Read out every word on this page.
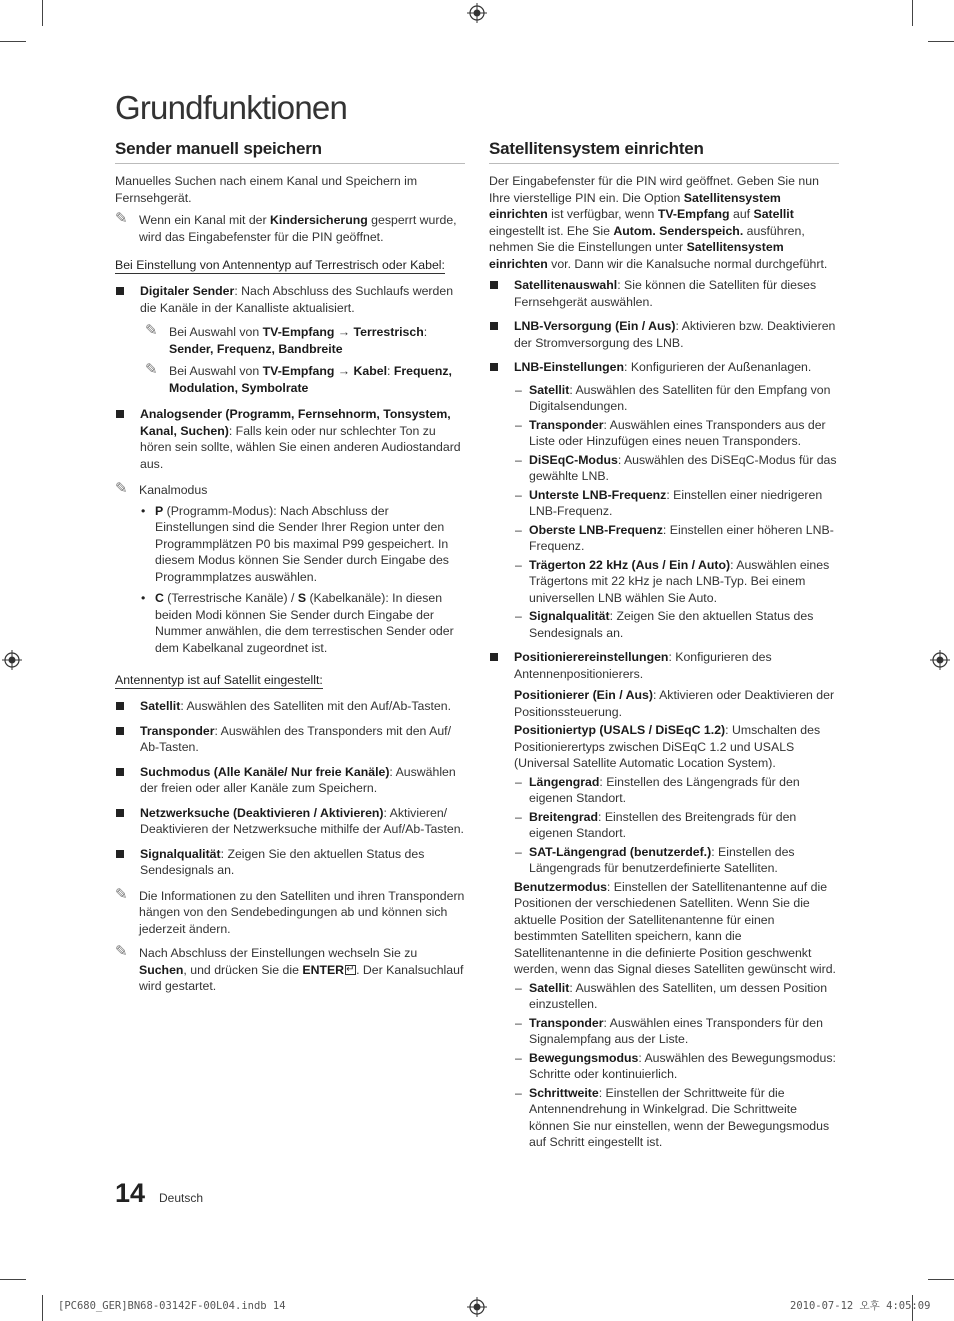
Grundfunktionen
Sender manuell speichern

Manuelles Suchen nach einem Kanal und Speichern im Fernsehgerät.

✎ Wenn ein Kanal mit der Kindersicherung gesperrt wurde, wird das Eingabefenster für die PIN geöffnet.
Bei Einstellung von Antennentyp auf Terrestrisch oder Kabel:
Digitaler Sender: Nach Abschluss des Suchlaufs werden die Kanäle in der Kanalliste aktualisiert.
✎ Bei Auswahl von TV-Empfang → Terrestrisch: Sender, Frequenz, Bandbreite
✎ Bei Auswahl von TV-Empfang → Kabel: Frequenz, Modulation, Symbolrate
Analogsender (Programm, Fernsehnorm, Tonsystem, Kanal, Suchen): Falls kein oder nur schlechter Ton zu hören sein sollte, wählen Sie einen anderen Audiostandard aus.
✎ Kanalmodus
• P (Programm-Modus): Nach Abschluss der Einstellungen sind die Sender Ihrer Region unter den Programmplätzen P0 bis maximal P99 gespeichert. In diesem Modus können Sie Sender durch Eingabe des Programmplatzes auswählen.
• C (Terrestrische Kanäle) / S (Kabelkanäle): In diesen beiden Modi können Sie Sender durch Eingabe der Nummer anwählen, die dem terrestischen Sender oder dem Kabelkanal zugeordnet ist.
Antennentyp ist auf Satellit eingestellt:
Satellit: Auswählen des Satelliten mit den Auf/Ab-Tasten.
Transponder: Auswählen des Transponders mit den Auf/ Ab-Tasten.
Suchmodus (Alle Kanäle/ Nur freie Kanäle): Auswählen der freien oder aller Kanäle zum Speichern.
Netzwerksuche (Deaktivieren / Aktivieren): Aktivieren/ Deaktivieren der Netzwerksuche mithilfe der Auf/Ab-Tasten.
Signalqualität: Zeigen Sie den aktuellen Status des Sendesignals an.
✎ Die Informationen zu den Satelliten und ihren Transpondern hängen von den Sendebedingungen ab und können sich jederzeit ändern.
✎ Nach Abschluss der Einstellungen wechseln Sie zu Suchen, und drücken Sie die ENTER↵ . Der Kanalsuchlauf wird gestartet.
Satellitensystem einrichten

Der Eingabefenster für die PIN wird geöffnet. Geben Sie nun Ihre vierstellige PIN ein. Die Option Satellitensystem einrichten ist verfügbar, wenn TV-Empfang auf Satellit eingestellt ist. Ehe Sie Autom. Senderspeich. ausführen, nehmen Sie die Einstellungen unter Satellitensystem einrichten vor. Dann wir die Kanalsuche normal durchgeführt.

Satellitenauswahl: Sie können die Satelliten für dieses Fernsehgerät auswählen.
LNB-Versorgung (Ein / Aus): Aktivieren bzw. Deaktivieren der Stromversorgung des LNB.
LNB-Einstellungen: Konfigurieren der Außenanlagen.
– Satellit: Auswählen des Satelliten für den Empfang von Digitalsendungen.
– Transponder: Auswählen eines Transponders aus der Liste oder Hinzufügen eines neuen Transponders.
– DiSEqC-Modus: Auswählen des DiSEqC-Modus für das gewählte LNB.
– Unterste LNB-Frequenz: Einstellen einer niedrigeren LNB-Frequenz.
– Oberste LNB-Frequenz: Einstellen einer höheren LNB-Frequenz.
– Trägerton 22 kHz (Aus / Ein / Auto): Auswählen eines Trägertons mit 22 kHz je nach LNB-Typ. Bei einem universellen LNB wählen Sie Auto.
– Signalqualität: Zeigen Sie den aktuellen Status des Sendesignals an.
Positionierereinstellungen: Konfigurieren des Antennenpositionierers.
Positionierer (Ein / Aus): Aktivieren oder Deaktivieren der Positionssteuerung.
Positioniertyp (USALS / DiSEqC 1.2): Umschalten des Positionierertyps zwischen DiSEqC 1.2 und USALS (Universal Satellite Automatic Location System).
– Längengrad: Einstellen des Längengrads für den eigenen Standort.
– Breitengrad: Einstellen des Breitengrads für den eigenen Standort.
– SAT-Längengrad (benutzerdef.): Einstellen des Längengrads für benutzerdefinierte Satelliten.
Benutzermodus: Einstellen der Satellitenantenne auf die Positionen der verschiedenen Satelliten. Wenn Sie die aktuelle Position der Satellitenantenne für einen bestimmten Satelliten speichern, kann die Satellitenantenne in die definierte Position geschwenkt werden, wenn das Signal dieses Satelliten gewünscht wird.
– Satellit: Auswählen des Satelliten, um dessen Position einzustellen.
– Transponder: Auswählen eines Transponders für den Signalempfang aus der Liste.
– Bewegungsmodus: Auswählen des Bewegungsmodus: Schritte oder kontinuierlich.
– Schrittweite: Einstellen der Schrittweite für die Antennendrehung in Winkelgrad. Die Schrittweite können Sie nur einstellen, wenn der Bewegungsmodus auf Schritt eingestellt ist.
14 Deutsch
[PC680_GER]BN68-03142F-00L04.indb 14	2010-07-12 오후 4:05:09
